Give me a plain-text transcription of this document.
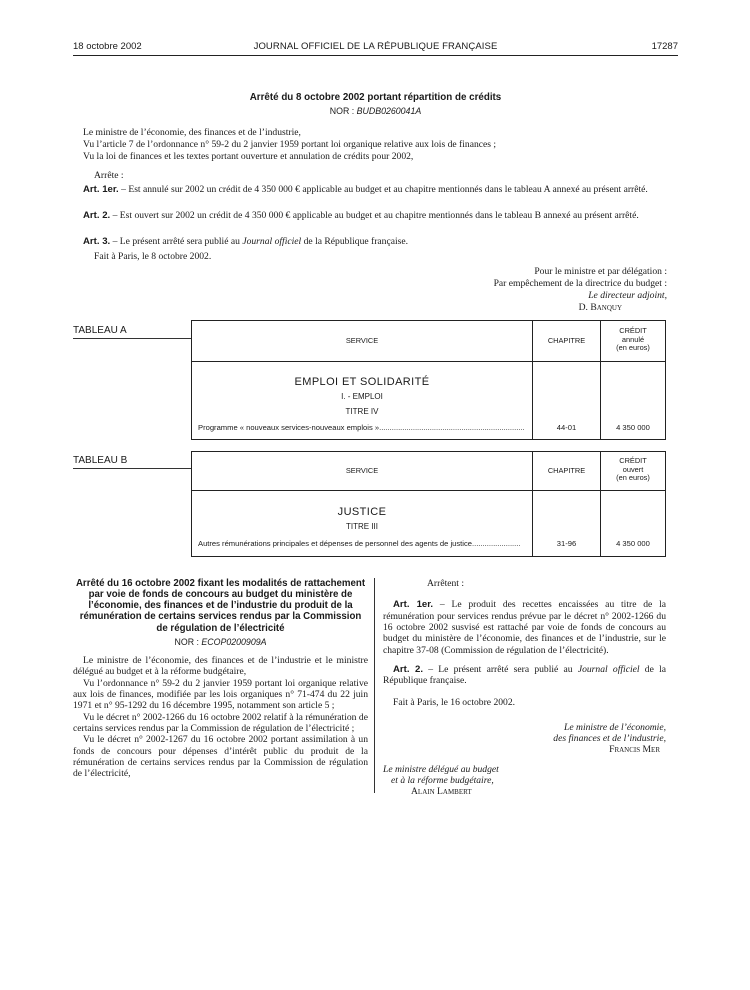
18 octobre 2002	JOURNAL OFFICIEL DE LA RÉPUBLIQUE FRANÇAISE	17287
Arrêté du 8 octobre 2002 portant répartition de crédits
NOR : BUDB0260041A
Le ministre de l’économie, des finances et de l’industrie,
Vu l’article 7 de l’ordonnance n° 59-2 du 2 janvier 1959 portant loi organique relative aux lois de finances ;
Vu la loi de finances et les textes portant ouverture et annulation de crédits pour 2002,
Arrête :
Art. 1er. – Est annulé sur 2002 un crédit de 4 350 000 € applicable au budget et au chapitre mentionnés dans le tableau A annexé au présent arrêté.
Art. 2. – Est ouvert sur 2002 un crédit de 4 350 000 € applicable au budget et au chapitre mentionnés dans le tableau B annexé au présent arrêté.
Art. 3. – Le présent arrêté sera publié au Journal officiel de la République française.
Fait à Paris, le 8 octobre 2002.
Pour le ministre et par délégation :
Par empêchement de la directrice du budget :
Le directeur adjoint,
D. Banquy
TABLEAU A
SERVICE	CHAPITRE
CRÉDIT
annulé
(en euros)
EMPLOI ET SOLIDARITÉ
I. - EMPLOI
TITRE IV
Programme « nouveaux services-nouveaux emplois ».....................................................................	44-01	4 350 000
TABLEAU B
SERVICE	CHAPITRE
CRÉDIT
ouvert
(en euros)
JUSTICE
TITRE III
Autres rémunérations principales et dépenses de personnel des agents de justice.......................	31-96	4 350 000
Arrêté du 16 octobre 2002 fixant les modalités de rattachement par voie de fonds de concours au budget du ministère de l’économie, des finances et de l’industrie du produit de la rémunération de certains services rendus par la Commission de régulation de l’électricité
NOR : ECOP0200909A
Le ministre de l’économie, des finances et de l’industrie et le ministre délégué au budget et à la réforme budgétaire,
Vu l’ordonnance n° 59-2 du 2 janvier 1959 portant loi organique relative aux lois de finances, modifiée par les lois organiques n° 71-474 du 22 juin 1971 et n° 95-1292 du 16 décembre 1995, notamment son article 5 ;
Vu le décret n° 2002-1266 du 16 octobre 2002 relatif à la rémunération de certains services rendus par la Commission de régulation de l’électricité ;
Vu le décret n° 2002-1267 du 16 octobre 2002 portant assimilation à un fonds de concours pour dépenses d’intérêt public du produit de la rémunération de certains services rendus par la Commission de régulation de l’électricité,
Arrêtent :
Art. 1er. – Le produit des recettes encaissées au titre de la rémunération pour services rendus prévue par le décret n° 2002-1266 du 16 octobre 2002 susvisé est rattaché par voie de fonds de concours au budget du ministère de l’économie, des finances et de l’industrie, sur le chapitre 37-08 (Commission de régulation de l’électricité).
Art. 2. – Le présent arrêté sera publié au Journal officiel de la République française.
Fait à Paris, le 16 octobre 2002.
Le ministre de l’économie,
des finances et de l’industrie,
Francis Mer
Le ministre délégué au budget
et à la réforme budgétaire,
Alain Lambert
